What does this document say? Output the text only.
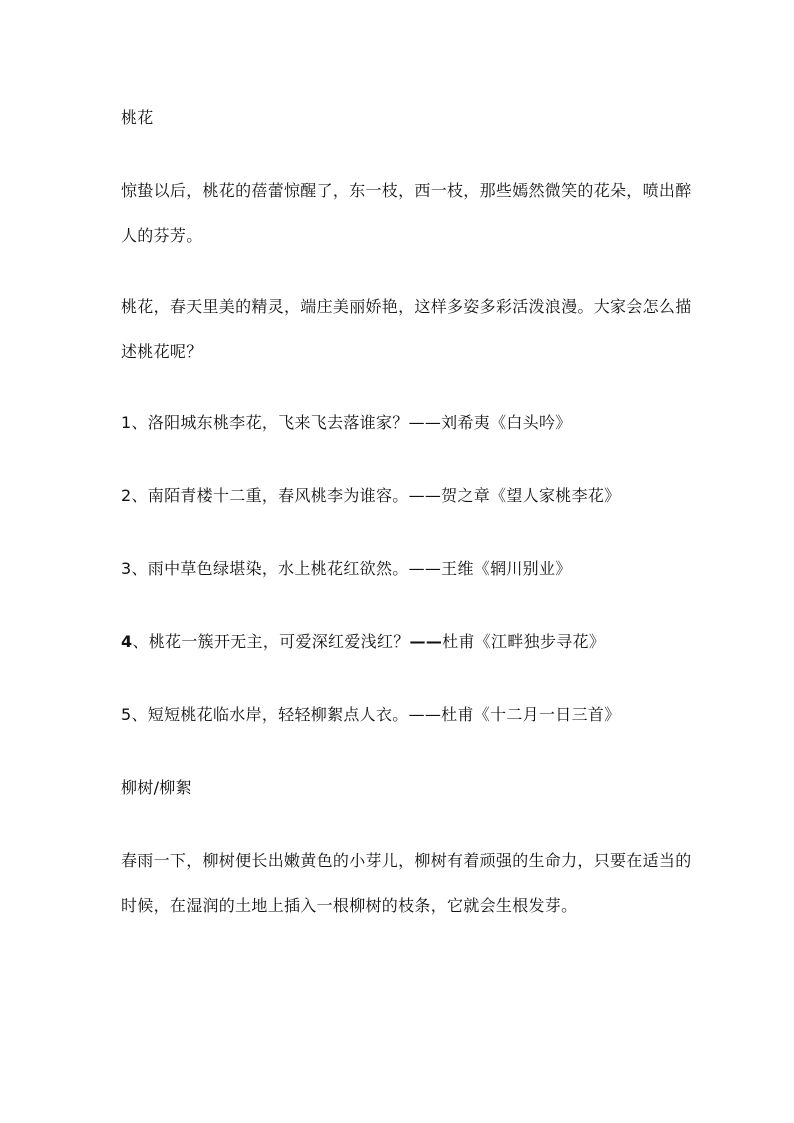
桃花
惊蛰以后，桃花的蓓蕾惊醒了，东一枝，西一枝，那些嫣然微笑的花朵，喷出醉
人的芬芳。
桃花，春天里美的精灵，端庄美丽娇艳，这样多姿多彩活泼浪漫。大家会怎么描
述桃花呢？
1、洛阳城东桃李花，飞来飞去落谁家？——刘希夷《白头吟》
2、南陌青楼十二重，春风桃李为谁容。——贺之章《望人家桃李花》
3、雨中草色绿堪染，水上桃花红欲然。——王维《辋川别业》
4、桃花一簇开无主，可爱深红爱浅红？——杜甫《江畔独步寻花》
5、短短桃花临水岸，轻轻柳絮点人衣。——杜甫《十二月一日三首》
柳树/柳絮
春雨一下，柳树便长出嫩黄色的小芽儿，柳树有着顽强的生命力，只要在适当的
时候，在湿润的土地上插入一根柳树的枝条，它就会生根发芽。
